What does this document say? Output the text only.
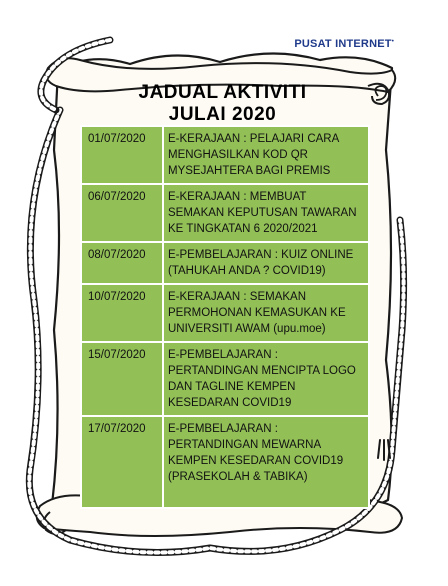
PUSAT INTERNET•
JADUAL AKTIVITI
JULAI 2020
01/07/2020	E-KERAJAAN : PELAJARI CARA
MENGHASILKAN KOD QR
MYSEJAHTERA BAGI PREMIS
06/07/2020	E-KERAJAAN : MEMBUAT
SEMAKAN KEPUTUSAN TAWARAN
KE TINGKATAN 6 2020/2021
08/07/2020	E-PEMBELAJARAN : KUIZ ONLINE
(TAHUKAH ANDA ? COVID19)
10/07/2020	E-KERAJAAN : SEMAKAN
PERMOHONAN KEMASUKAN KE
UNIVERSITI AWAM (upu.moe)
15/07/2020	E-PEMBELAJARAN :
PERTANDINGAN MENCIPTA LOGO
DAN TAGLINE KEMPEN
KESEDARAN COVID19
17/07/2020	E-PEMBELAJARAN :
PERTANDINGAN MEWARNA
KEMPEN KESEDARAN COVID19
(PRASEKOLAH & TABIKA)
